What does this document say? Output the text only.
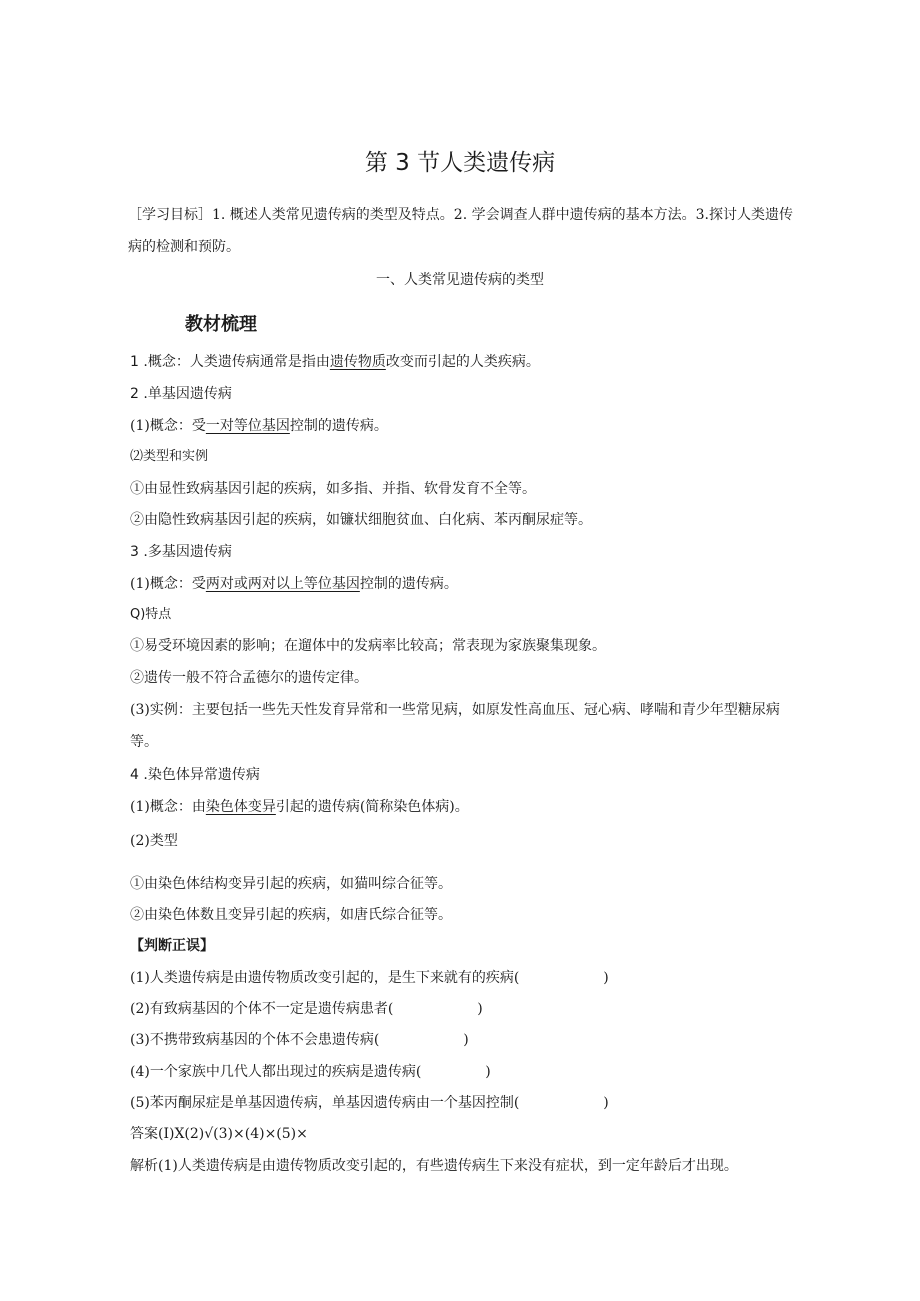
第 3 节人类遗传病
［学习目标］1. 概述人类常见遗传病的类型及特点。2. 学会调查人群中遗传病的基本方法。3.探讨人类遗传
病的检测和预防。
一、人类常见遗传病的类型
教材梳理
1 .概念：人类遗传病通常是指由遗传物质改变而引起的人类疾病。
2 .单基因遗传病
(1)概念：受一对等位基因控制的遗传病。
⑵类型和实例
①由显性致病基因引起的疾病，如多指、并指、软骨发育不全等。
②由隐性致病基因引起的疾病，如镰状细胞贫血、白化病、苯丙酮尿症等。
3 .多基因遗传病
(1)概念：受两对或两对以上等位基因控制的遗传病。
Q)特点
①易受环境因素的影响；在遛体中的发病率比较高；常表现为家族聚集现象。
②遗传一般不符合孟德尔的遗传定律。
(3)实例：主要包括一些先天性发育异常和一些常见病，如原发性高血压、冠心病、哮喘和青少年型糖尿病
等。
4 .染色体异常遗传病
(1)概念：由染色体变异引起的遗传病(简称染色体病)。
(2)类型
①由染色体结构变异引起的疾病，如猫叫综合征等。
②由染色体数且变异引起的疾病，如唐氏综合征等。
【判断正误】
(1)人类遗传病是由遗传物质改变引起的，是生下来就有的疾病(	)
(2)有致病基因的个体不一定是遗传病患者(	)
(3)不携带致病基因的个体不会患遗传病(	)
(4)一个家族中几代人都出现过的疾病是遗传病(	)
(5)苯丙酮尿症是单基因遗传病，单基因遗传病由一个基因控制(	)
答案(I)X(2)√(3)×(4)×(5)×
解析(1)人类遗传病是由遗传物质改变引起的，有些遗传病生下来没有症状，到一定年龄后才出现。
